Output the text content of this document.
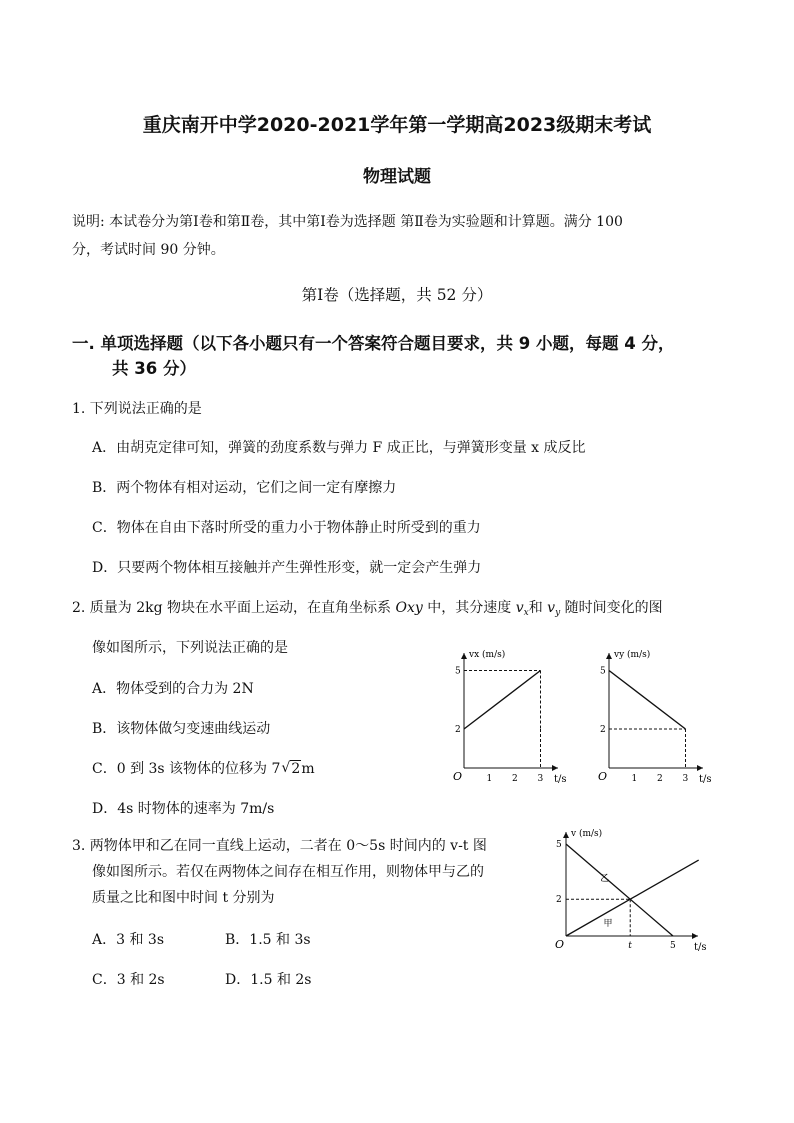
重庆南开中学2020-2021学年第一学期高2023级期末考试
物理试题
说明: 本试卷分为第Ⅰ卷和第Ⅱ卷，其中第Ⅰ卷为选择题 第Ⅱ卷为实验题和计算题。满分 100
分，考试时间 90 分钟。
第Ⅰ卷（选择题，共 52 分）
一. 单项选择题（以下各小题只有一个答案符合题目要求，共 9 小题，每题 4 分，
共 36 分）
1. 下列说法正确的是
A．由胡克定律可知，弹簧的劲度系数与弹力 F 成正比，与弹簧形变量 x 成反比
B．两个物体有相对运动，它们之间一定有摩擦力
C．物体在自由下落时所受的重力小于物体静止时所受到的重力
D．只要两个物体相互接触并产生弹性形变，就一定会产生弹力
2. 质量为 2kg 物块在水平面上运动，在直角坐标系 Oxy 中，其分速度 $v_x$和 $v_y$ 随时间变化的图
像如图所示，下列说法正确的是
A．物体受到的合力为 2N
B．该物体做匀变速曲线运动
C．0 到 3s 该物体的位移为 7√ 2m
D．4s 时物体的速率为 7m/s
O	t/s
vx (m/s)
1 2 3
2
5
O	t/s
vy (m/s)
1 2 3
2
5
3. 两物体甲和乙在同一直线上运动，二者在 0～5s 时间内的 v-t 图
像如图所示。若仅在两物体之间存在相互作用，则物体甲与乙的
质量之比和图中时间 t 分别为
A．3 和 3s	B．1.5 和 3s
C．3 和 2s	D．1.5 和 2s
O	t/s
v (m/s)
2
5
t	5
乙
甲
